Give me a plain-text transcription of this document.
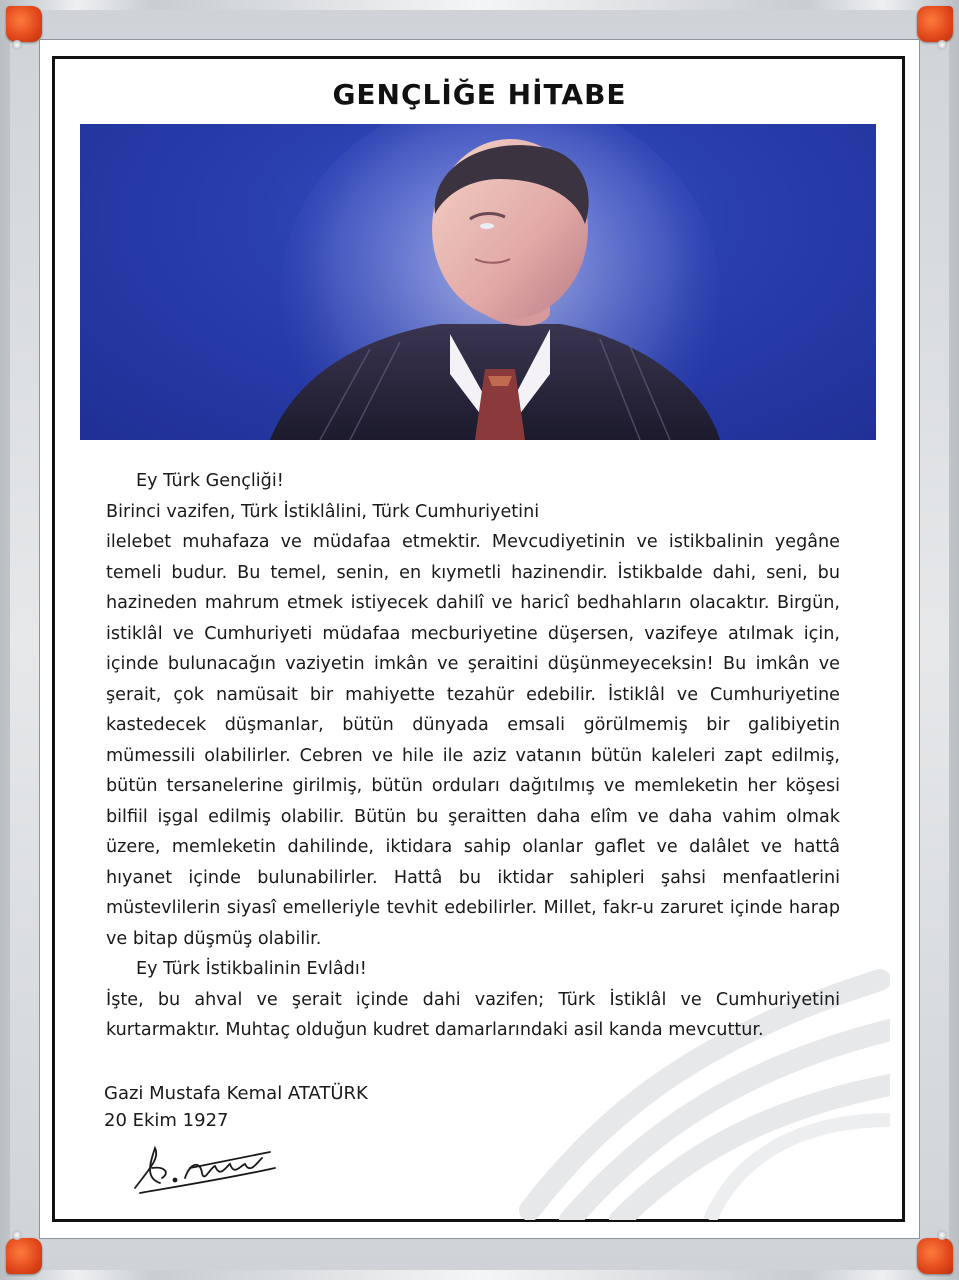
GENÇLİĞE HİTABE

Ey Türk Gençliği!

Birinci vazifen, Türk İstiklâlini, Türk Cumhuriyetini

ilelebet muhafaza ve müdafaa etmektir. Mevcudiyetinin ve istikbalinin yegâne temeli budur. Bu temel, senin, en kıymetli hazinendir. İstikbalde dahi, seni, bu hazineden mahrum etmek istiyecek dahilî ve haricî bedhahların olacaktır. Birgün, istiklâl ve Cumhuriyeti müdafaa mecburiyetine düşersen, vazifeye atılmak için, içinde bulunacağın vaziyetin imkân ve şeraitini düşünmeyeceksin! Bu imkân ve şerait, çok namüsait bir mahiyette tezahür edebilir. İstiklâl ve Cumhuriyetine kastedecek düşmanlar, bütün dünyada emsali görülmemiş bir galibiyetin mümessili olabilirler. Cebren ve hile ile aziz vatanın bütün kaleleri zapt edilmiş, bütün tersanelerine girilmiş, bütün orduları dağıtılmış ve memleketin her köşesi bilfiil işgal edilmiş olabilir. Bütün bu şeraitten daha elîm ve daha vahim olmak üzere, memleketin dahilinde, iktidara sahip olanlar gaflet ve dalâlet ve hattâ hıyanet içinde bulunabilirler. Hattâ bu iktidar sahipleri şahsi menfaatlerini müstevlilerin siyasî emelleriyle tevhit edebilirler. Millet, fakr-u zaruret içinde harap ve bitap düşmüş olabilir.

Ey Türk İstikbalinin Evlâdı!

İşte, bu ahval ve şerait içinde dahi vazifen; Türk İstiklâl ve Cumhuriyetini kurtarmaktır. Muhtaç olduğun kudret damarlarındaki asil kanda mevcuttur.

Gazi Mustafa Kemal ATATÜRK
20 Ekim 1927
